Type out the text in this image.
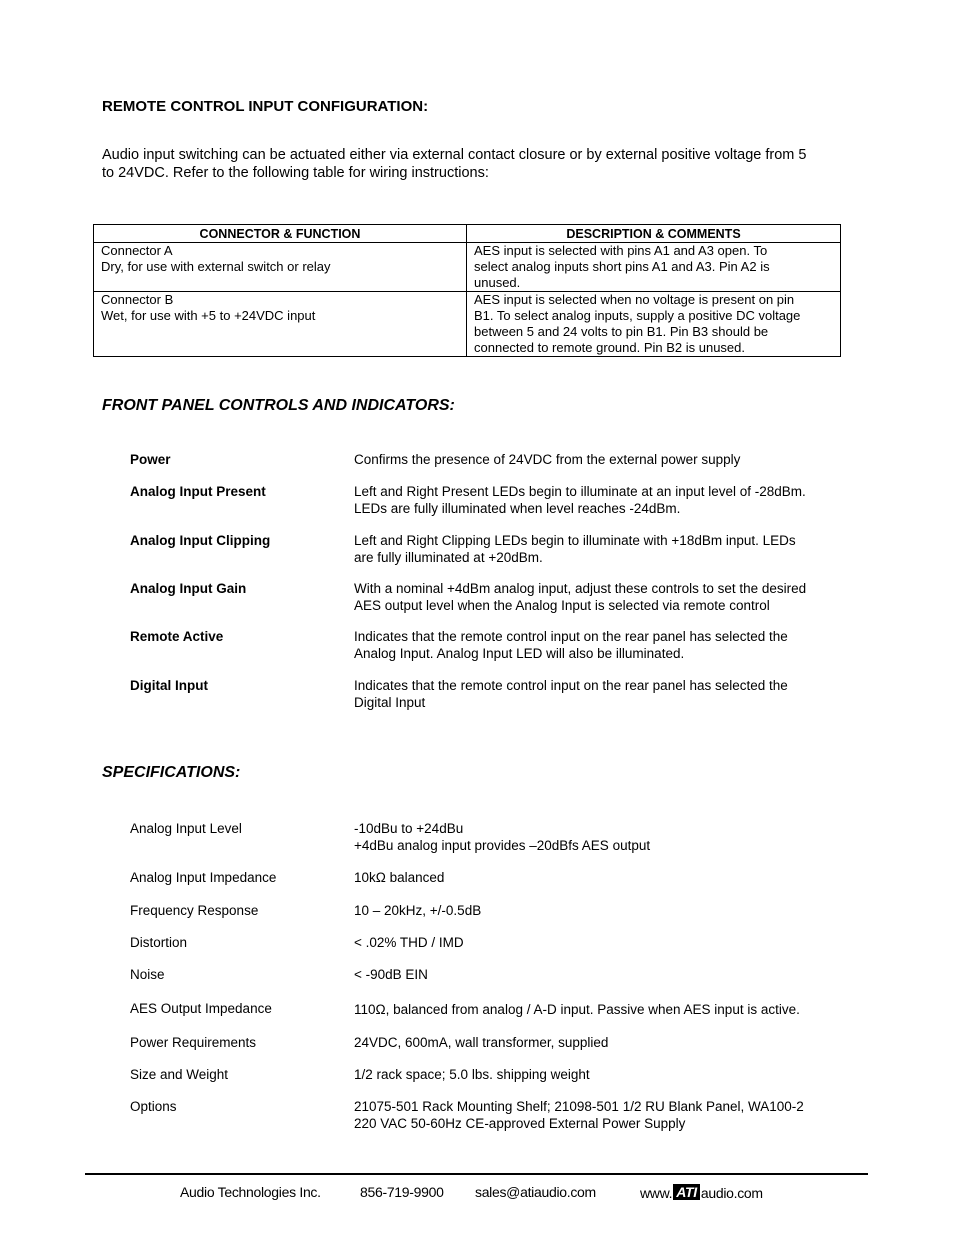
REMOTE CONTROL INPUT CONFIGURATION:
Audio input switching can be actuated either via external contact closure or by external positive voltage from 5
to 24VDC. Refer to the following table for wiring instructions:
CONNECTOR & FUNCTION	DESCRIPTION & COMMENTS

Connector A
Dry, for use with external switch or relay	AES input is selected with pins A1 and A3 open. To
select analog inputs short pins A1 and A3. Pin A2 is
unused.

Connector B
Wet, for use with +5 to +24VDC input	AES input is selected when no voltage is present on pin
B1. To select analog inputs, supply a positive DC voltage
between 5 and 24 volts to pin B1. Pin B3 should be
connected to remote ground. Pin B2 is unused.
FRONT PANEL CONTROLS AND INDICATORS:
Power	Confirms the presence of 24VDC from the external power supply
Analog Input Present	Left and Right Present LEDs begin to illuminate at an input level of -28dBm.
LEDs are fully illuminated when level reaches -24dBm.
Analog Input Clipping	Left and Right Clipping LEDs begin to illuminate with +18dBm input. LEDs
are fully illuminated at +20dBm.
Analog Input Gain	With a nominal +4dBm analog input, adjust these controls to set the desired
AES output level when the Analog Input is selected via remote control
Remote Active	Indicates that the remote control input on the rear panel has selected the
Analog Input. Analog Input LED will also be illuminated.
Digital Input	Indicates that the remote control input on the rear panel has selected the
Digital Input
SPECIFICATIONS:
Analog Input Level	-10dBu to +24dBu
+4dBu analog input provides –20dBfs AES output
Analog Input Impedance	10kΩ balanced
Frequency Response	10 – 20kHz, +/-0.5dB
Distortion	< .02% THD / IMD
Noise	< -90dB EIN
AES Output Impedance	110Ω, balanced from analog / A-D input. Passive when AES input is active.
Power Requirements	24VDC, 600mA, wall transformer, supplied
Size and Weight	1/2 rack space; 5.0 lbs. shipping weight
Options	21075-501 Rack Mounting Shelf; 21098-501 1/2 RU Blank Panel, WA100-2
220 VAC 50-60Hz CE-approved External Power Supply
Audio Technologies Inc.	856-719-9900 sales@atiaudio.com	www. ATI audio.com
